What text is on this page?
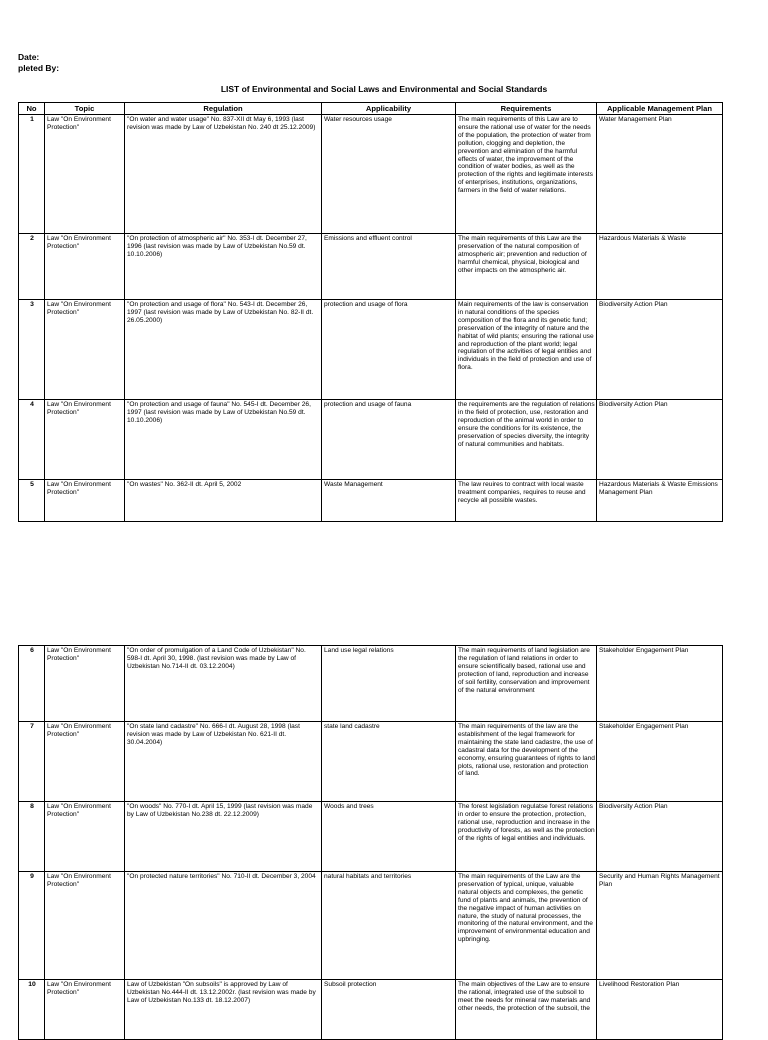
Date:
pleted By:
LIST of Environmental and Social Laws and Environmental and Social Standards
No	Topic	Regulation	Applicability	Requirements	Applicable Management Plan
1	Law "On Environment Protection"	"On water and water usage" No. 837-XII dt May 6, 1993 (last revision was made by Law of Uzbekistan No. 240 dt 25.12.2009)	Water resources usage	The main requirements of this Law are to ensure the rational use of water for the needs of the population, the protection of water from pollution, clogging and depletion, the prevention and elimination of the harmful effects of water, the improvement of the condition of water bodies, as well as the protection of the rights and legitimate interests of enterprises, institutions, organizations, farmers in the field of water relations.	Water Management Plan
2	Law "On Environment Protection"	"On protection of atmospheric air" No. 353-I dt. December 27, 1996 (last revision was made by Law of Uzbekistan No.59 dt. 10.10.2006)	Emissions and effluent control	The main requirements of this Law are the preservation of the natural composition of atmospheric air; prevention and reduction of harmful chemical, physical, biological and other impacts on the atmospheric air.	Hazardous Materials & Waste
3	Law "On Environment Protection"	"On protection and usage of flora" No. 543-I dt. December 26, 1997 (last revision was made by Law of Uzbekistan No. 82-II dt. 26.05.2000)	protection and usage of flora	Main requirements of the law is conservation in natural conditions of the species composition of the flora and its genetic fund; preservation of the integrity of nature and the habitat of wild plants; ensuring the rational use and reproduction of the plant world; legal regulation of the activities of legal entities and individuals in the field of protection and use of flora.	Biodiversity Action Plan
4	Law "On Environment Protection"	"On protection and usage of fauna" No. 545-I dt. December 26, 1997 (last revision was made by Law of Uzbekistan No.59 dt. 10.10.2006)	protection and usage of fauna	the requirements are the regulation of relations in the field of protection, use, restoration and reproduction of the animal world in order to ensure the conditions for its existence, the preservation of species diversity, the integrity of natural communities and habitats.	Biodiversity Action Plan
5	Law "On Environment Protection"	"On wastes" No. 362-II dt. April 5, 2002	Waste Management	The law reuires to contract with local waste treatment companies, requires to reuse and recycle all possible wastes.	Hazardous Materials & Waste Emissions Management Plan
6	Law "On Environment Protection"	"On order of promulgation of a Land Code of Uzbekistan" No. 598-I dt. April 30, 1998. (last revision was made by Law of Uzbekistan No.714-II dt. 03.12.2004)	Land use legal relations	The main requirements of land legislation are the regulation of land relations in order to ensure scientifically based, rational use and protection of land, reproduction and increase of soil fertility, conservation and improvement of the natural environment	Stakeholder Engagement Plan
7	Law "On Environment Protection"	"On state land cadastre" No. 666-I dt. August 28, 1998 (last revision was made by Law of Uzbekistan No. 621-II dt. 30.04.2004)	state land cadastre	The main requirements of the law are the establishment of the legal framework for maintaining the state land cadastre, the use of cadastral data for the development of the economy, ensuring guarantees of rights to land plots, rational use, restoration and protection of land.	Stakeholder Engagement Plan
8	Law "On Environment Protection"	"On woods" No. 770-I dt. April 15, 1999 (last revision was made by Law of Uzbekistan No.238 dt. 22.12.2009)	Woods and trees	The forest legislation regulatse forest relations in order to ensure the protection, protection, rational use, reproduction and increase in the productivity of forests, as well as the protection of the rights of legal entities and individuals.	Biodiversity Action Plan
9	Law "On Environment Protection"	"On protected nature territories" No. 710-II dt. December 3, 2004	natural habitats and territories	The main requirements of the Law are the preservation of typical, unique, valuable natural objects and complexes, the genetic fund of plants and animals, the prevention of the negative impact of human activities on nature, the study of natural processes, the monitoring of the natural environment, and the improvement of environmental education and upbringing.	Security and Human Rights Management Plan
10	Law "On Environment Protection"	Law of Uzbekistan "On subsoils" is approved by Law of Uzbekistan No.444-II dt. 13.12.2002r. (last revision was made by Law of Uzbekistan No.133 dt. 18.12.2007)	Subsoil protection	The main objectives of the Law are to ensure the rational, integrated use of the subsoil to meet the needs for mineral raw materials and other needs, the protection of the subsoil, the	Livelihood Restoration Plan
